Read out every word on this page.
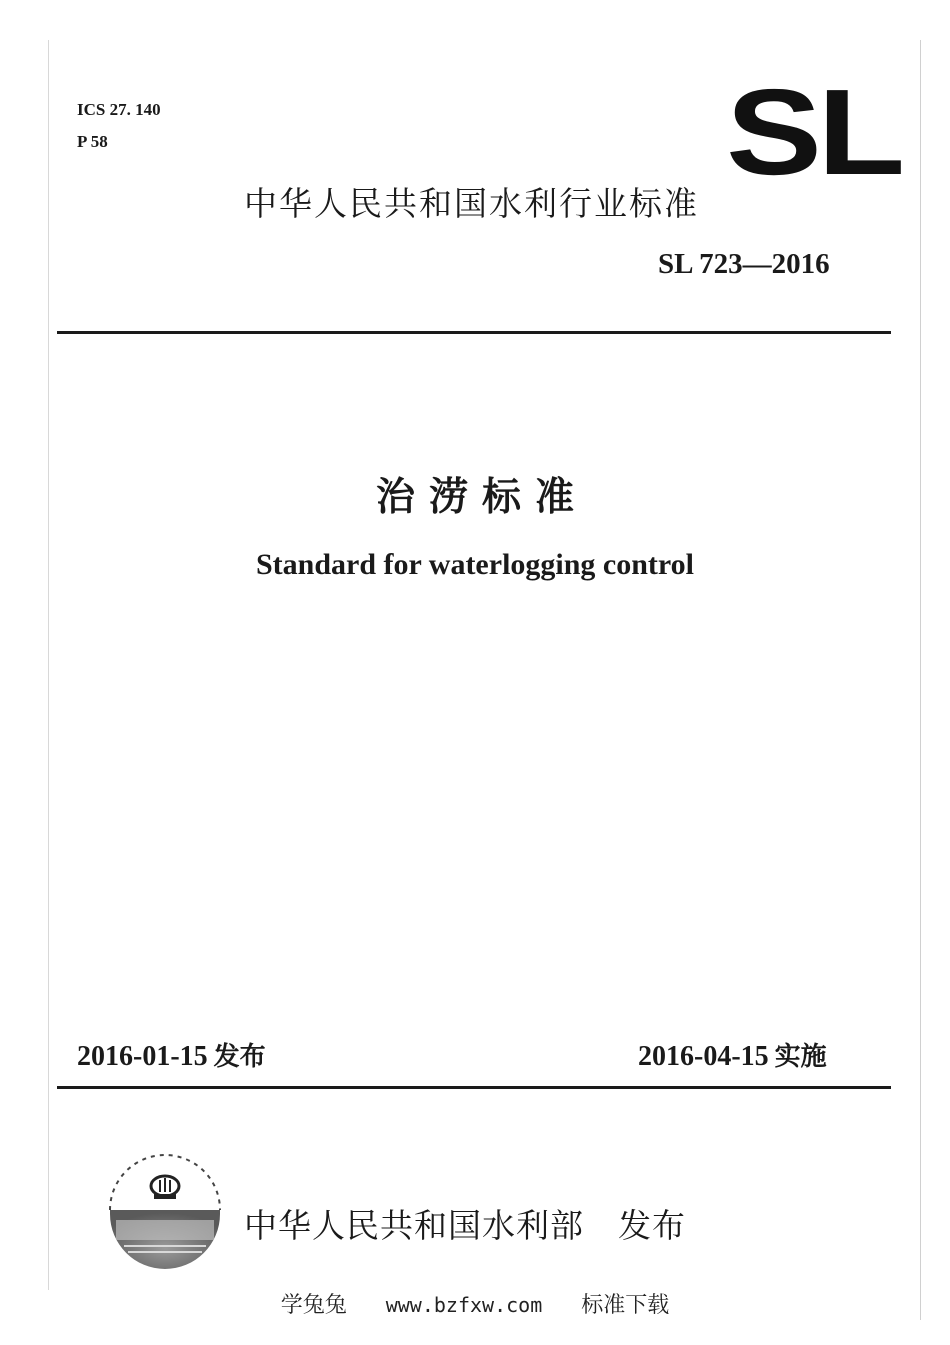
ICS 27. 140
P 58	SL
中华人民共和国水利行业标准
SL 723—2016
治涝标准
Standard for waterlogging control
2016-01-15 发布	2016-04-15 实施
中华人民共和国水利部 发布
学兔兔 www.bzfxw.com 标准下载
